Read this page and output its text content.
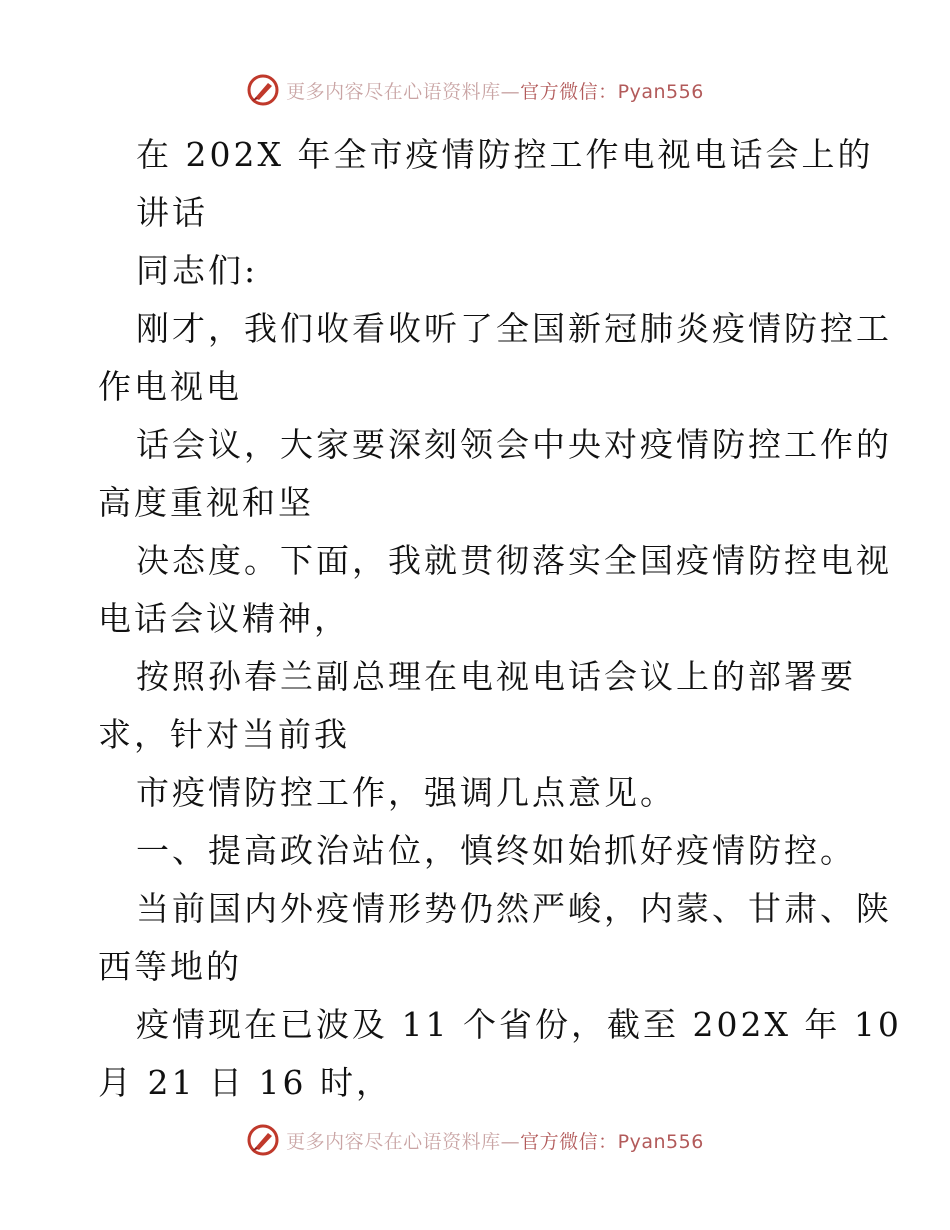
更多内容尽在心语资料库—官方微信：Pyan556
在 202X 年全市疫情防控工作电视电话会上的
讲话
同志们:
刚才，我们收看收听了全国新冠肺炎疫情防控工
作电视电
话会议，大家要深刻领会中央对疫情防控工作的
高度重视和坚
决态度。下面，我就贯彻落实全国疫情防控电视
电话会议精神，
按照孙春兰副总理在电视电话会议上的部署要
求，针对当前我
市疫情防控工作，强调几点意见。
一、提高政治站位，慎终如始抓好疫情防控。
当前国内外疫情形势仍然严峻，内蒙、甘肃、陕
西等地的
疫情现在已波及 11 个省份，截至 202X 年 10
月 21 日 16 时，
更多内容尽在心语资料库—官方微信：Pyan556
